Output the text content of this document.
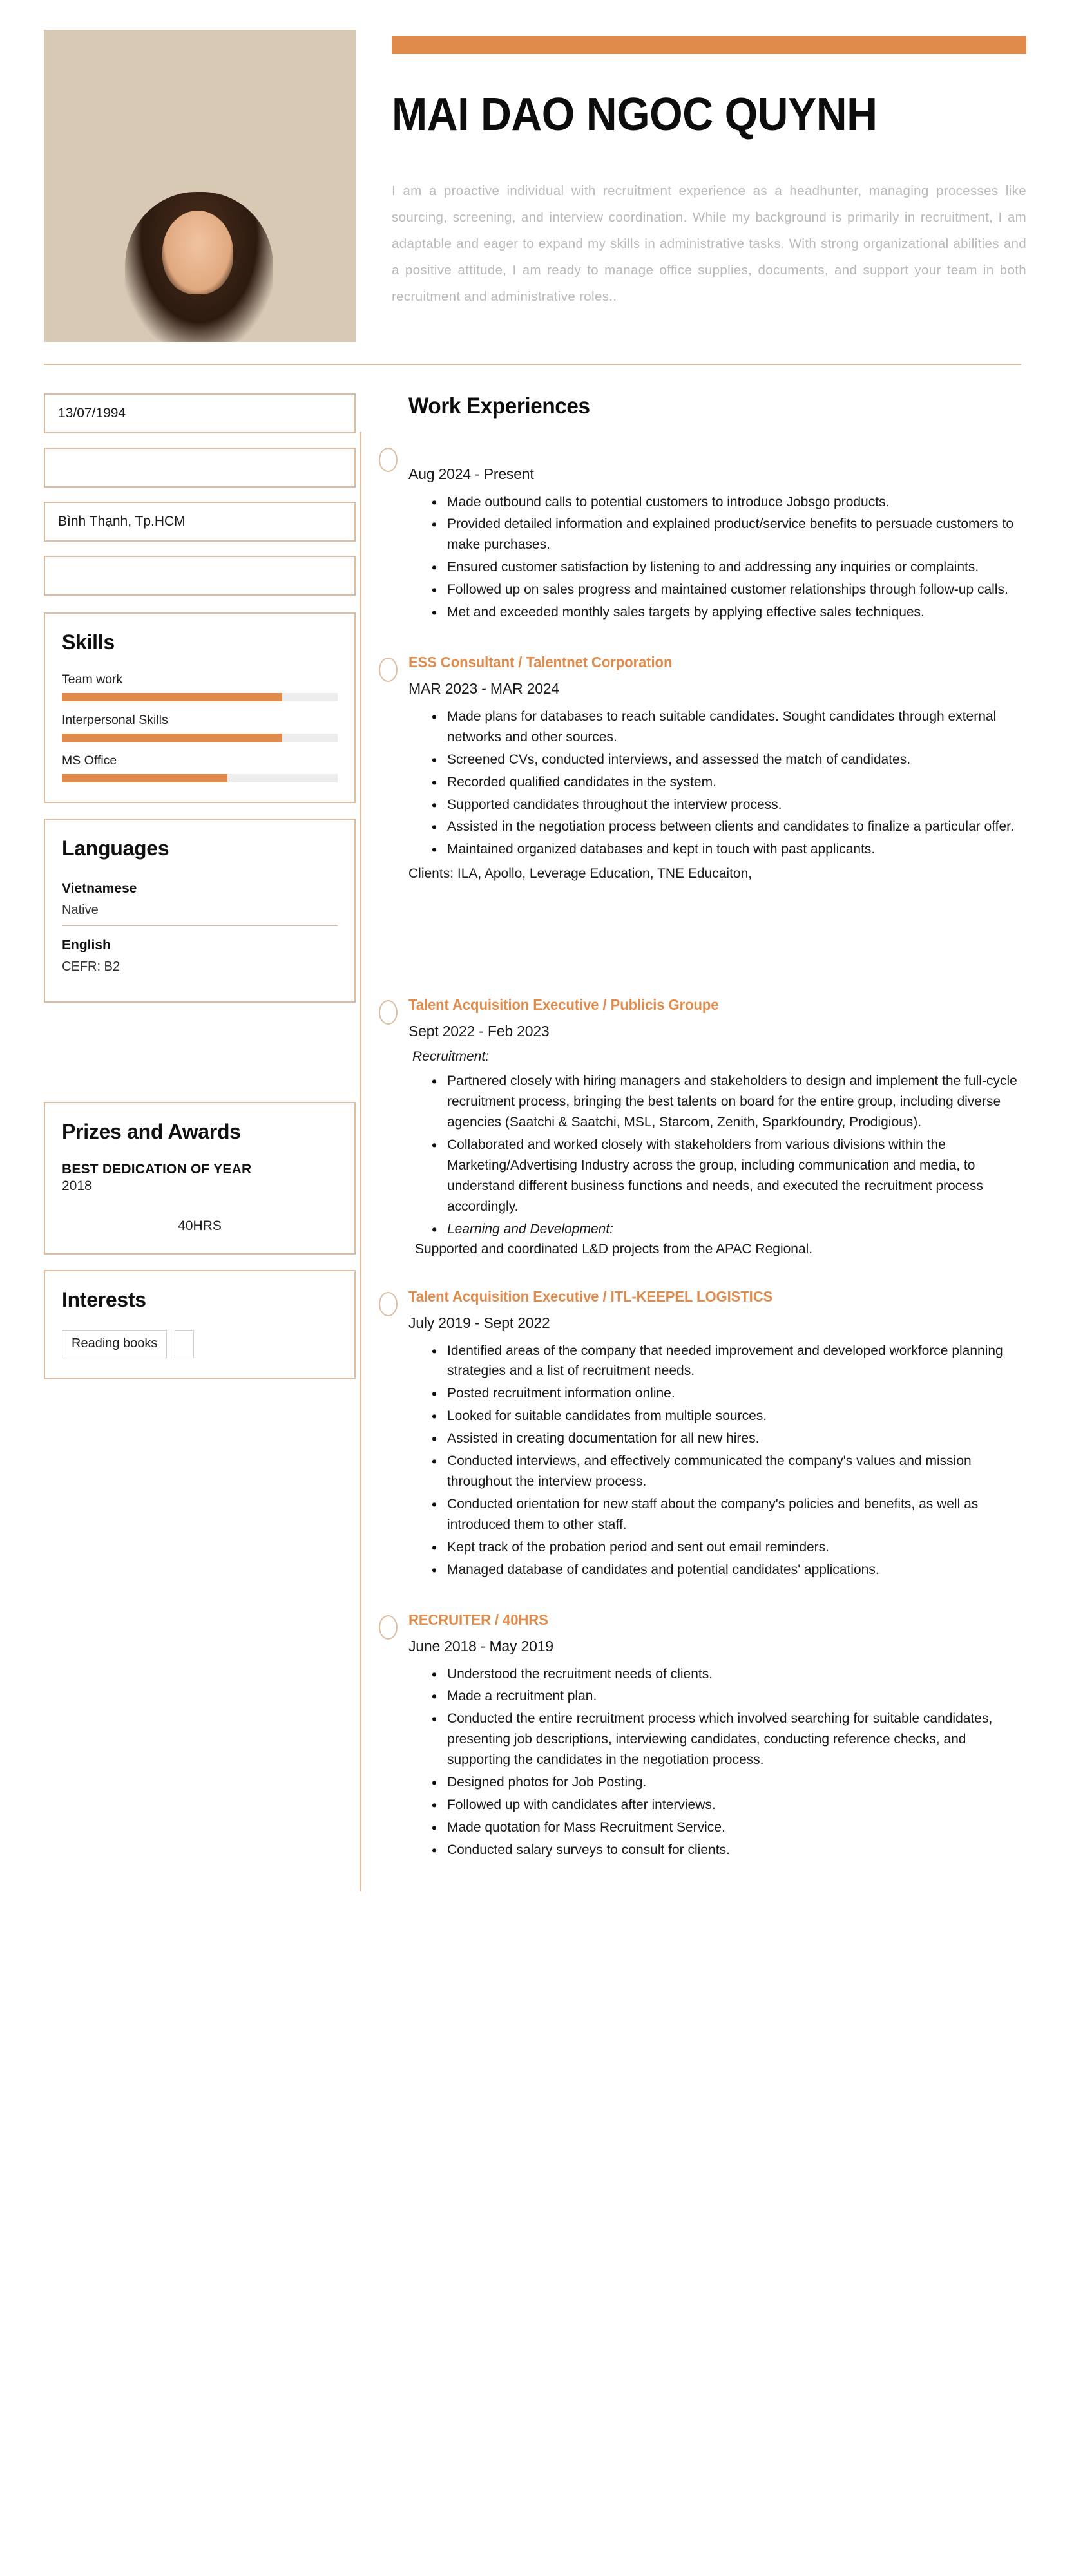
MAI DAO NGOC QUYNH
I am a proactive individual with recruitment experience as a headhunter, managing processes like sourcing, screening, and interview coordination. While my background is primarily in recruitment, I am adaptable and eager to expand my skills in administrative tasks. With strong organizational abilities and a positive attitude, I am ready to manage office supplies, documents, and support your team in both recruitment and administrative roles..
13/07/1994
Bình Thạnh, Tp.HCM
Skills
Team work
Interpersonal Skills
MS Office
Languages
Vietnamese
Native
English
CEFR: B2
Prizes and Awards
BEST DEDICATION OF YEAR
2018
40HRS
Interests
Reading books
Work Experiences
Aug 2024 - Present
• Made outbound calls to potential customers to introduce Jobsgo products.
• Provided detailed information and explained product/service benefits to persuade customers to make purchases.
• Ensured customer satisfaction by listening to and addressing any inquiries or complaints.
• Followed up on sales progress and maintained customer relationships through follow-up calls.
• Met and exceeded monthly sales targets by applying effective sales techniques.
ESS Consultant / Talentnet Corporation
MAR 2023 - MAR 2024
• Made plans for databases to reach suitable candidates. Sought candidates through external networks and other sources.
• Screened CVs, conducted interviews, and assessed the match of candidates.
• Recorded qualified candidates in the system.
• Supported candidates throughout the interview process.
• Assisted in the negotiation process between clients and candidates to finalize a particular offer.
• Maintained organized databases and kept in touch with past applicants.
Clients: ILA, Apollo, Leverage Education, TNE Educaiton,
Talent Acquisition Executive / Publicis Groupe
Sept 2022 - Feb 2023
Recruitment:
• Partnered closely with hiring managers and stakeholders to design and implement the full-cycle recruitment process, bringing the best talents on board for the entire group, including diverse agencies (Saatchi & Saatchi, MSL, Starcom, Zenith, Sparkfoundry, Prodigious).
• Collaborated and worked closely with stakeholders from various divisions within the Marketing/Advertising Industry across the group, including communication and media, to understand different business functions and needs, and executed the recruitment process accordingly.
• Learning and Development:
Supported and coordinated L&D projects from the APAC Regional.
Talent Acquisition Executive / ITL-KEEPEL LOGISTICS
July 2019 - Sept 2022
• Identified areas of the company that needed improvement and developed workforce planning strategies and a list of recruitment needs.
• Posted recruitment information online.
• Looked for suitable candidates from multiple sources.
• Assisted in creating documentation for all new hires.
• Conducted interviews, and effectively communicated the company's values and mission throughout the interview process.
• Conducted orientation for new staff about the company's policies and benefits, as well as introduced them to other staff.
• Kept track of the probation period and sent out email reminders.
• Managed database of candidates and potential candidates' applications.
RECRUITER / 40HRS
June 2018 - May 2019
• Understood the recruitment needs of clients.
• Made a recruitment plan.
• Conducted the entire recruitment process which involved searching for suitable candidates, presenting job descriptions, interviewing candidates, conducting reference checks, and supporting the candidates in the negotiation process.
• Designed photos for Job Posting.
• Followed up with candidates after interviews.
• Made quotation for Mass Recruitment Service.
• Conducted salary surveys to consult for clients.
